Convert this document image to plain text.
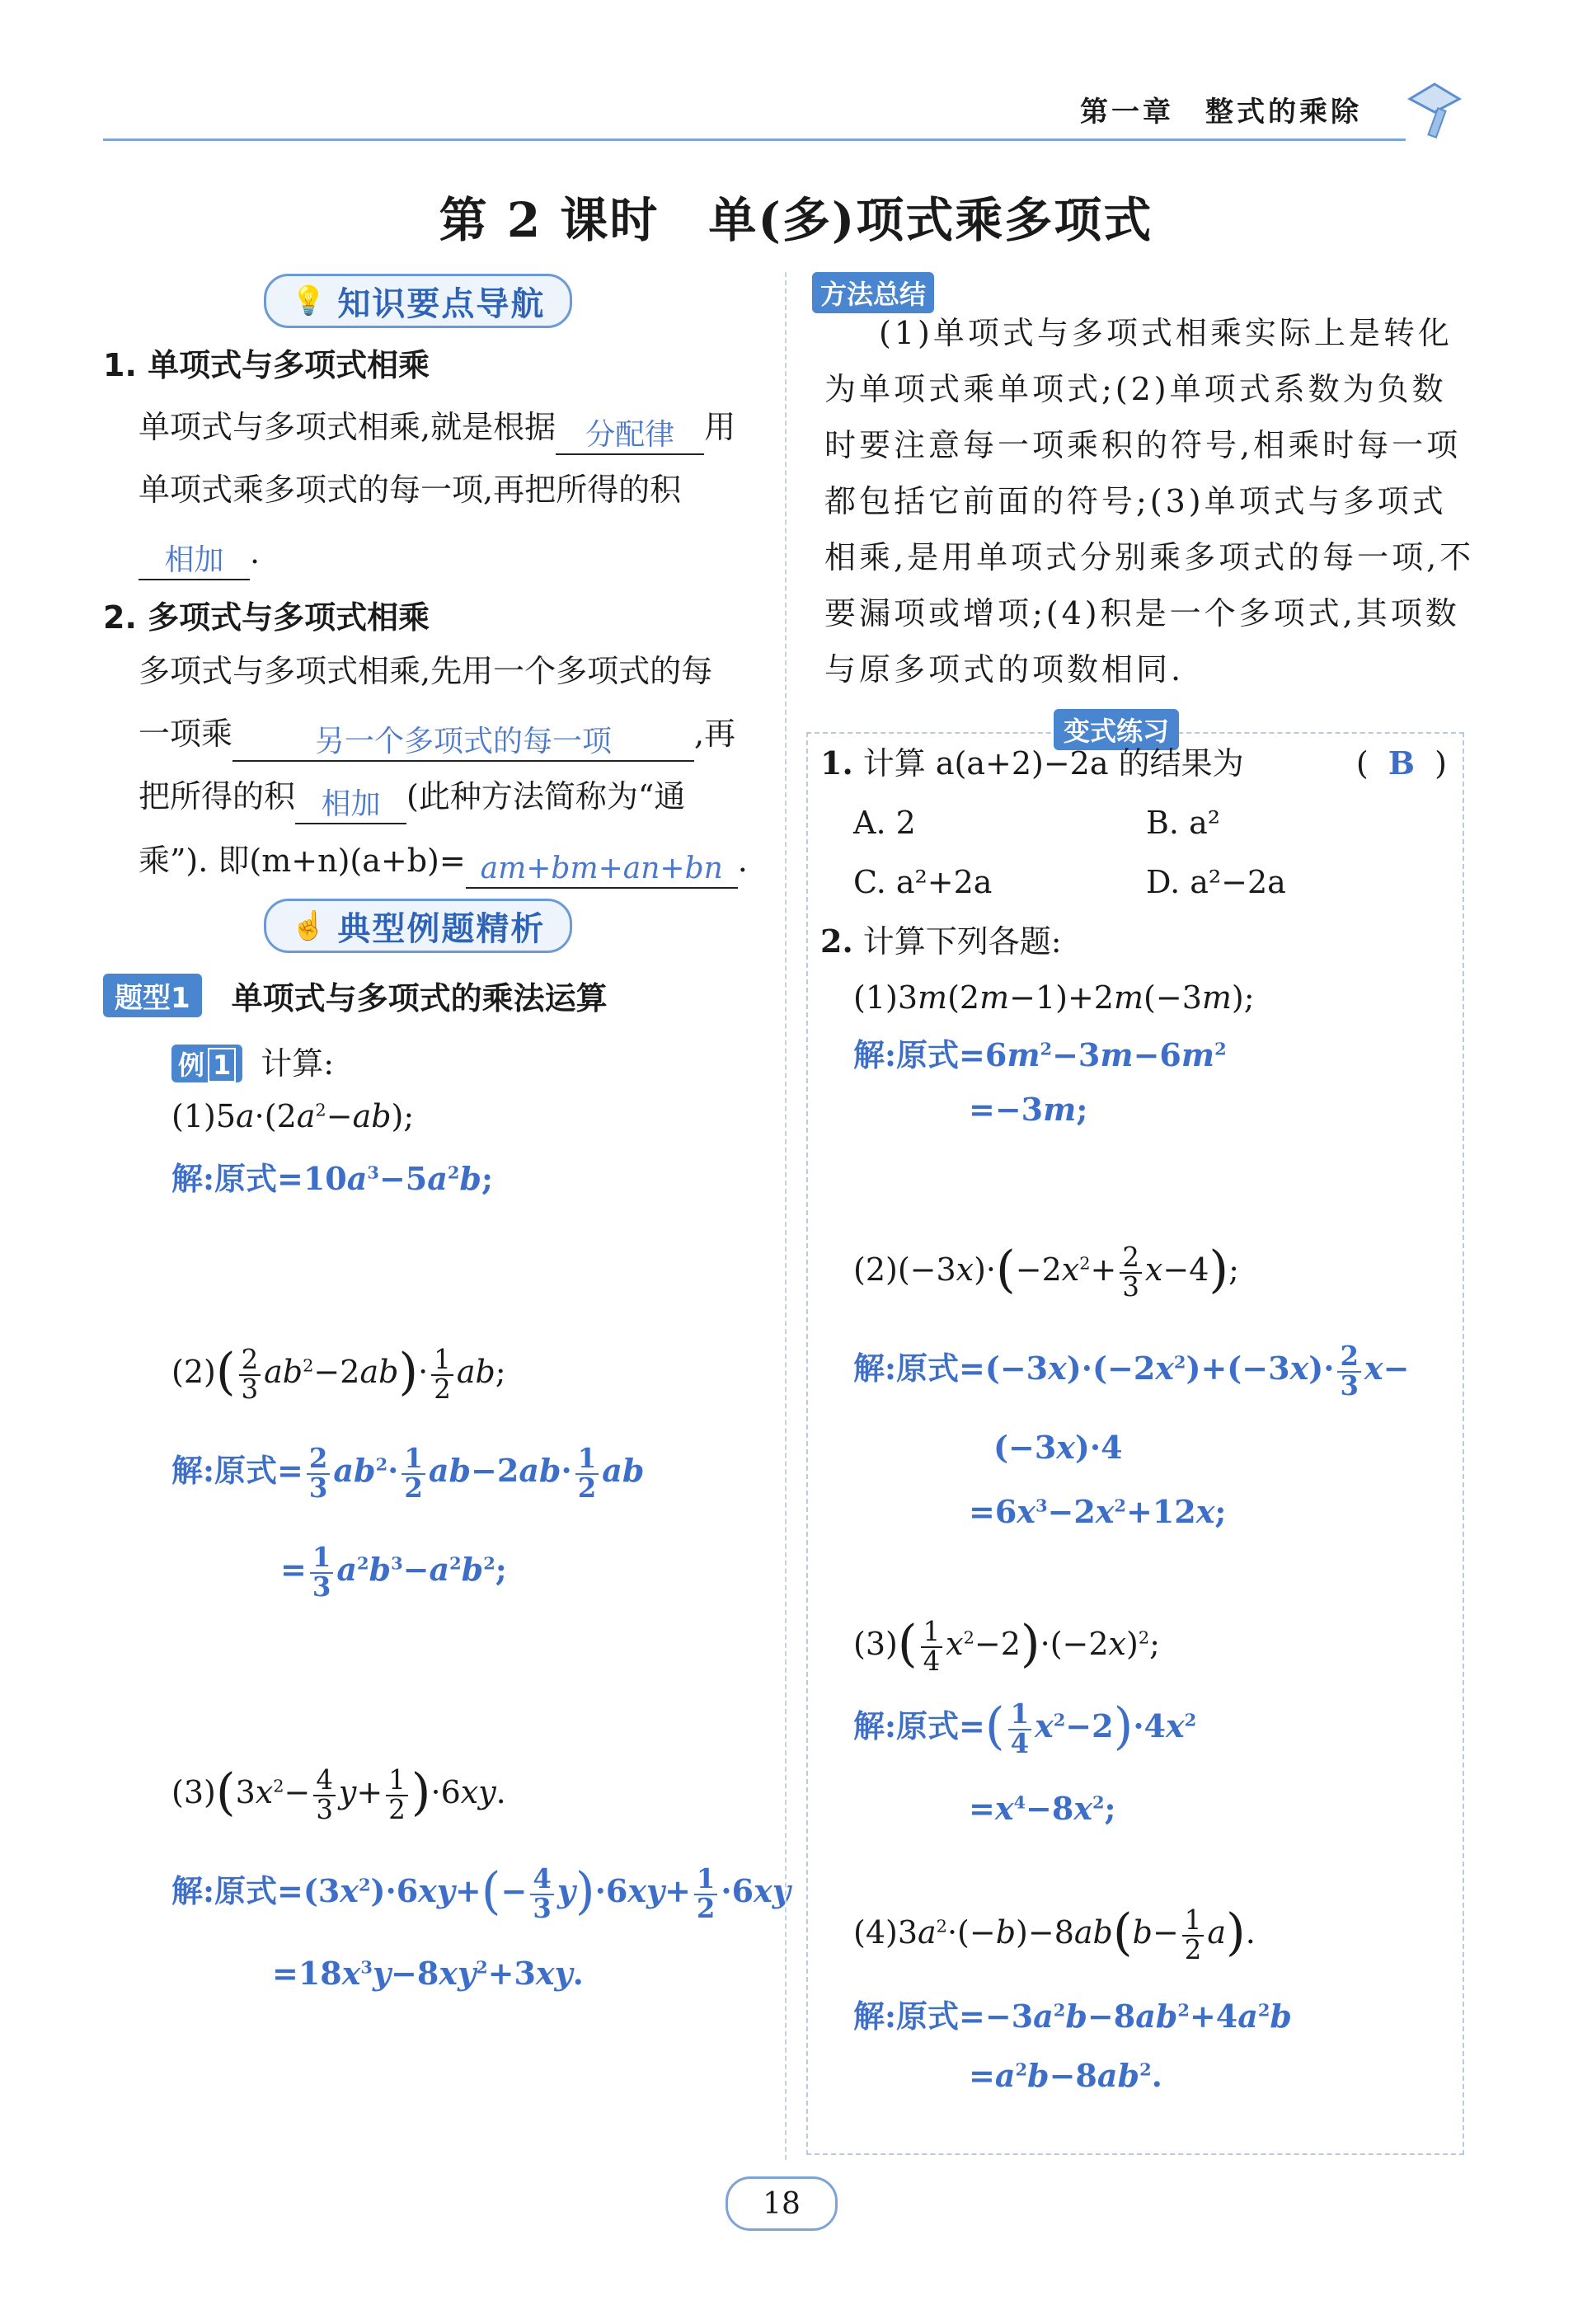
第一章　整式的乘除
第 2 课时　单(多)项式乘多项式
💡 知识要点导航
1. 单项式与多项式相乘
单项式与多项式相乘,就是根据 分配律 用
单项式乘多项式的每一项,再把所得的积
相加 .
2. 多项式与多项式相乘
多项式与多项式相乘,先用一个多项式的每
一项乘	另一个多项式的每一项	,再
把所得的积 相加 (此种方法简称为“通
乘”). 即(m+n)(a+b)= am+bm+an+bn .
☝ 典型例题精析
题型1	单项式与多项式的乘法运算
例 1 计算:
$(1)5a\cdot(2a^2-ab)$;
解:原式$=10a^3-5a^2b$;
$(2)( \frac{2}{3} ab^2-2ab)\cdot \frac{1}{2}$ ab;
解:原式= $\frac{2}{3} ab^2\cdot \frac{1}{2} ab-2ab\cdot \frac{1}{2}$ ab
= $\frac{1}{3} a^2b^3-a^2b^2$;
$(3)(3x^2- \frac{4}{3} y+ \frac{1}{2} )\cdot 6xy$.
解:原式$=(3x^2)\cdot 6xy+(- \frac{4}{3} y)\cdot 6xy+ \frac{1}{2} \cdot 6xy$
$=18x^3y-8xy^2+3xy$.
方法总结
(1)单项式与多项式相乘实际上是转化
为单项式乘单项式;(2)单项式系数为负数
时要注意每一项乘积的符号,相乘时每一项
都包括它前面的符号;(3)单项式与多项式
相乘,是用单项式分别乘多项式的每一项,不
要漏项或增项;(4)积是一个多项式,其项数
与原多项式的项数相同.
变式练习
1. 计算 a(a+2)−2a 的结果为	(  B  )
A. 2	B. a²
C. a²+2a	D. a²−2a
2. 计算下列各题:
(1)3m(2m−1)+2m(−3m);
解:原式$=6m^2-3m-6m^2$
=−3m;
$(2)(-3x)\cdot(-2x^2+ \frac{2}{3} x-4)$;
解:原式$=(-3x)\cdot(-2x^2)+(-3x)\cdot \frac{2}{3} x-$
(−3x)·4
$=6x^3-2x^2+12x$;
$(3)( \frac{1}{4} x^2-2)\cdot(-2x)^2$;
解:原式=( $\frac{1}{4} x^2-2)\cdot 4x^2$
$=x^4-8x^2$;
$(4)3a^2\cdot(-b)-8ab(b- \frac{1}{2} a)$.
解:原式$=-3a^2b-8ab^2+4a^2b$
$=a^2b-8ab^2$.
18
